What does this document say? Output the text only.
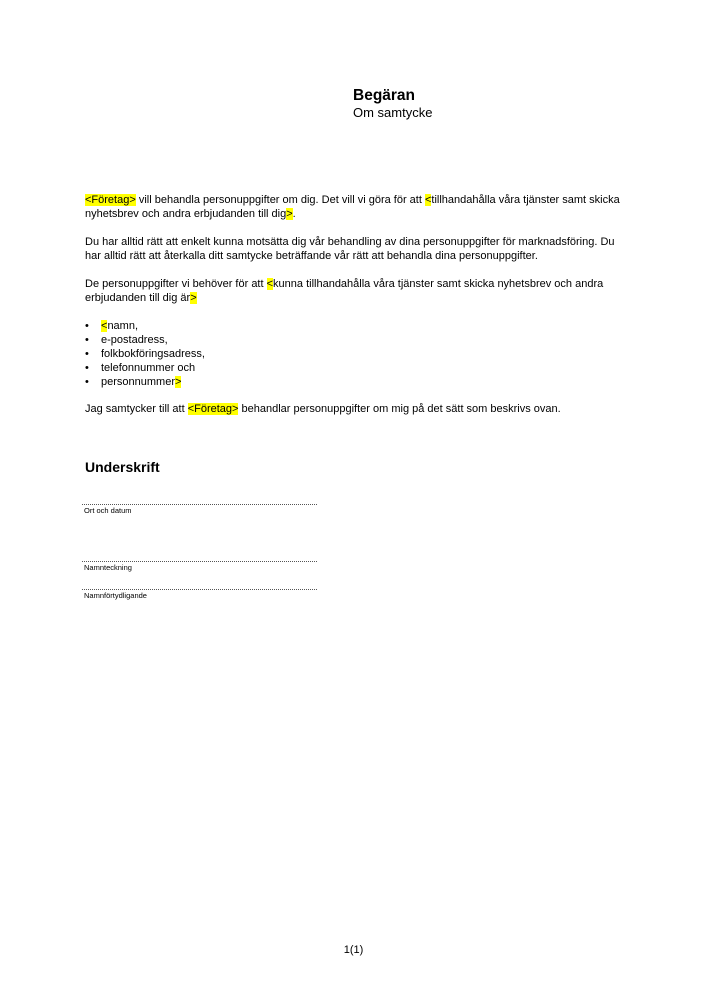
Begäran
Om samtycke

<Företag> vill behandla personuppgifter om dig. Det vill vi göra för att <tillhandahålla våra tjänster samt skicka nyhetsbrev och andra erbjudanden till dig>.

Du har alltid rätt att enkelt kunna motsätta dig vår behandling av dina personuppgifter för marknadsföring. Du har alltid rätt att återkalla ditt samtycke beträffande vår rätt att behandla dina personuppgifter.

De personuppgifter vi behöver för att <kunna tillhandahålla våra tjänster samt skicka nyhetsbrev och andra erbjudanden till dig är>

• <namn,
• e-postadress,
• folkbokföringsadress,
• telefonnummer och
• personnummer>

Jag samtycker till att <Företag> behandlar personuppgifter om mig på det sätt som beskrivs ovan.

Underskrift
Ort och datum
Namnteckning
Namnförtydligande
1(1)
